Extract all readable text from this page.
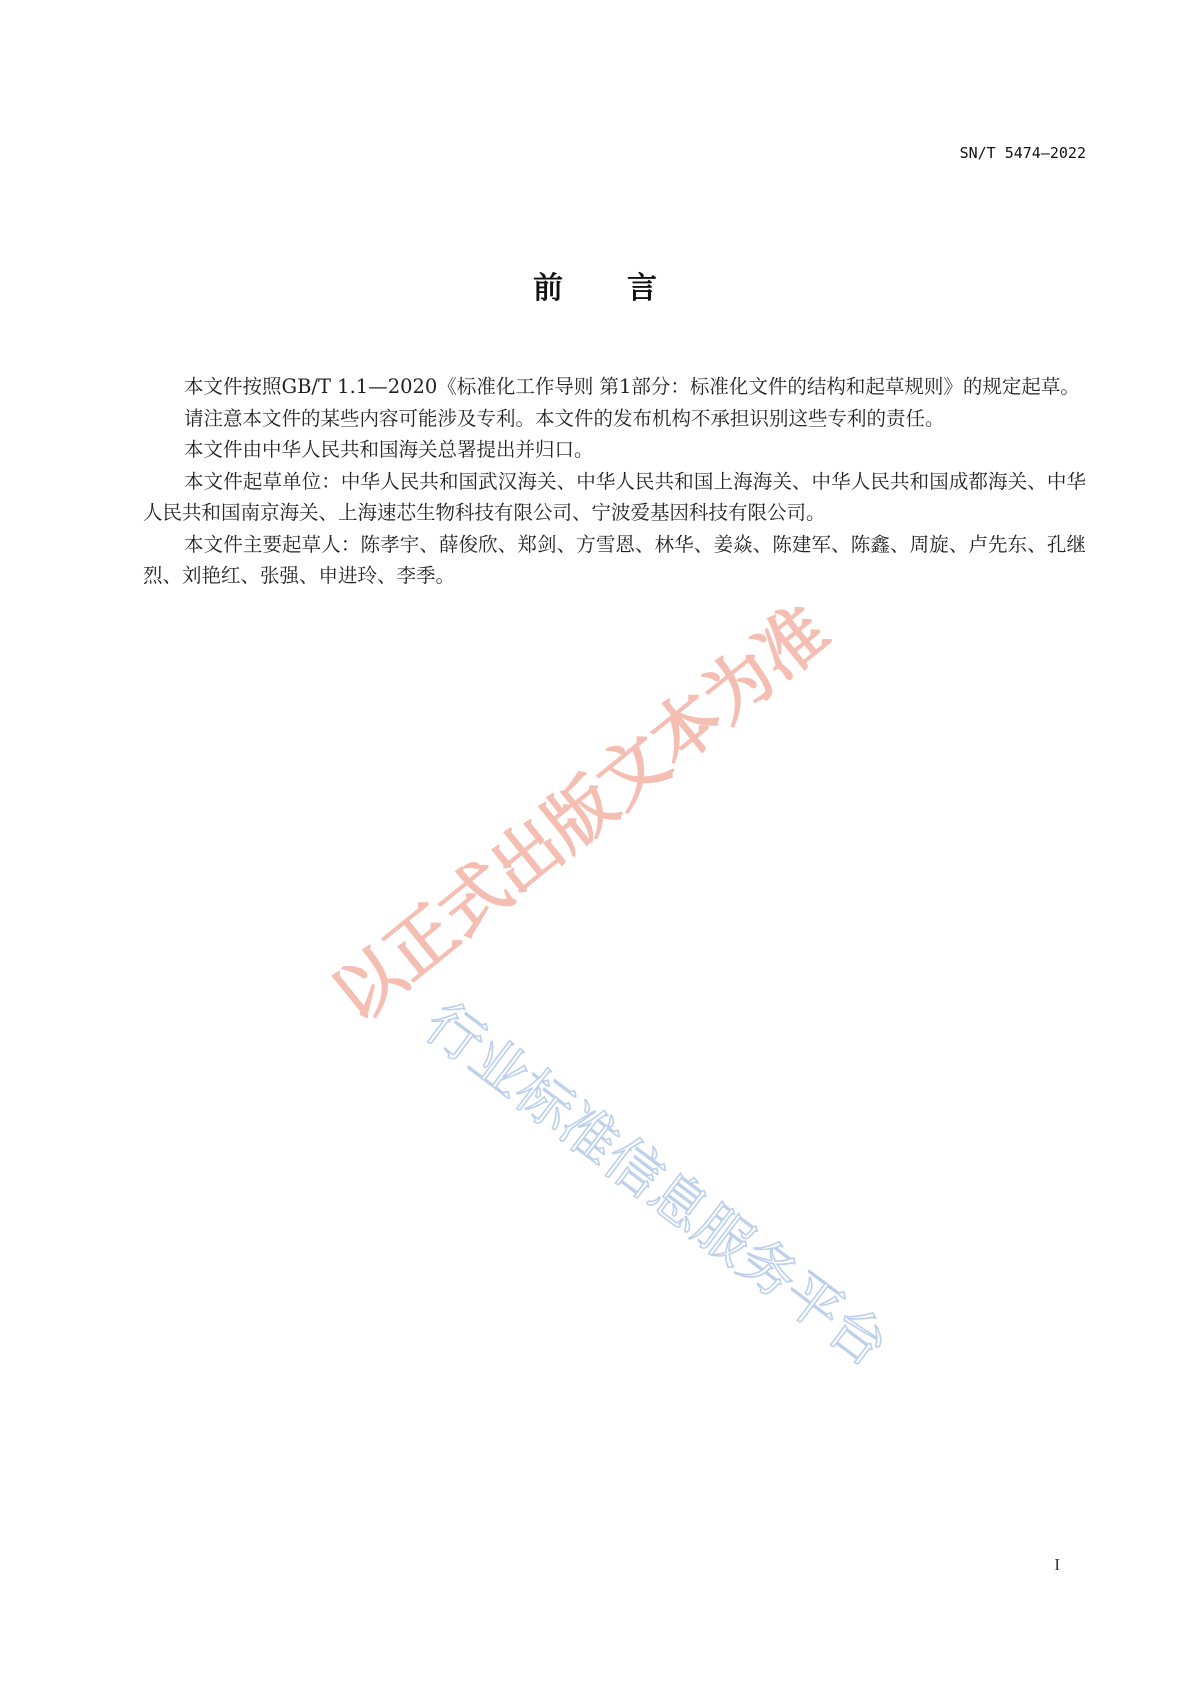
SN/T 5474—2022
前言

本文件按照GB/T 1.1—2020《标准化工作导则 第1部分：标准化文件的结构和起草规则》的规定起草。

请注意本文件的某些内容可能涉及专利。本文件的发布机构不承担识别这些专利的责任。

本文件由中华人民共和国海关总署提出并归口。

本文件起草单位：中华人民共和国武汉海关、中华人民共和国上海海关、中华人民共和国成都海关、中华人民共和国南京海关、上海速芯生物科技有限公司、宁波爱基因科技有限公司。

本文件主要起草人：陈孝宇、薛俊欣、郑剑、方雪恩、林华、姜焱、陈建军、陈鑫、周旋、卢先东、孔继烈、刘艳红、张强、申进玲、李季。

以正式出版文本为准
行业标准信息服务平台
I
